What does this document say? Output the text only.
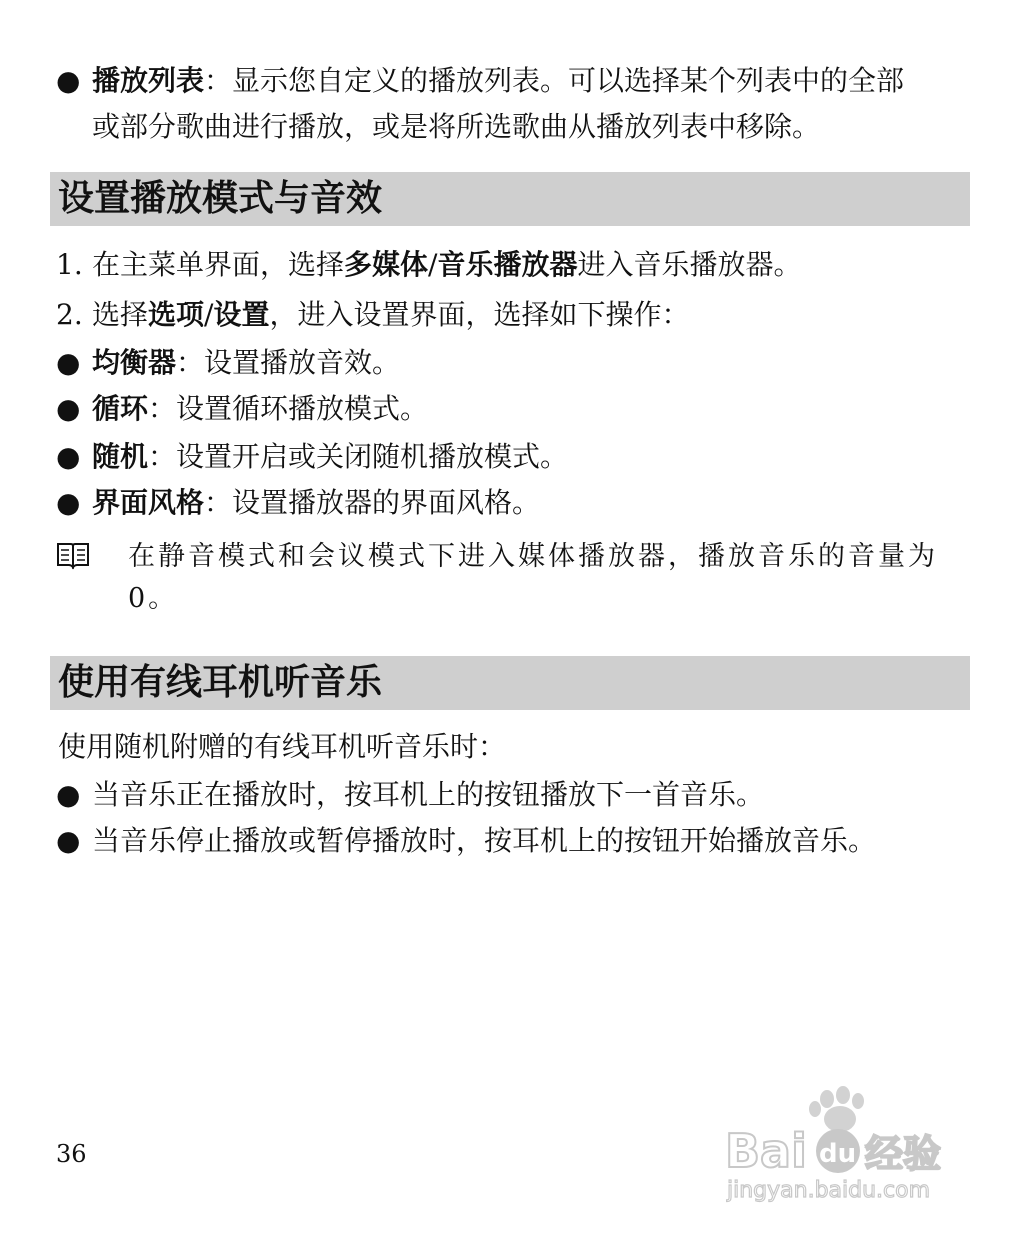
● 播放列表：显示您自定义的播放列表。可以选择某个列表中的全部
或部分歌曲进行播放，或是将所选歌曲从播放列表中移除。
设置播放模式与音效
1. 在主菜单界面，选择多媒体/音乐播放器进入音乐播放器。
2. 选择选项/设置，进入设置界面，选择如下操作：
● 均衡器：设置播放音效。
● 循环：设置循环播放模式。
● 随机：设置开启或关闭随机播放模式。
● 界面风格：设置播放器的界面风格。
在静音模式和会议模式下进入媒体播放器，播放音乐的音量为
0。
使用有线耳机听音乐
使用随机附赠的有线耳机听音乐时：
● 当音乐正在播放时，按耳机上的按钮播放下一首音乐。
● 当音乐停止播放或暂停播放时，按耳机上的按钮开始播放音乐。
36	Bai du 经验
jingyan.baidu.com
